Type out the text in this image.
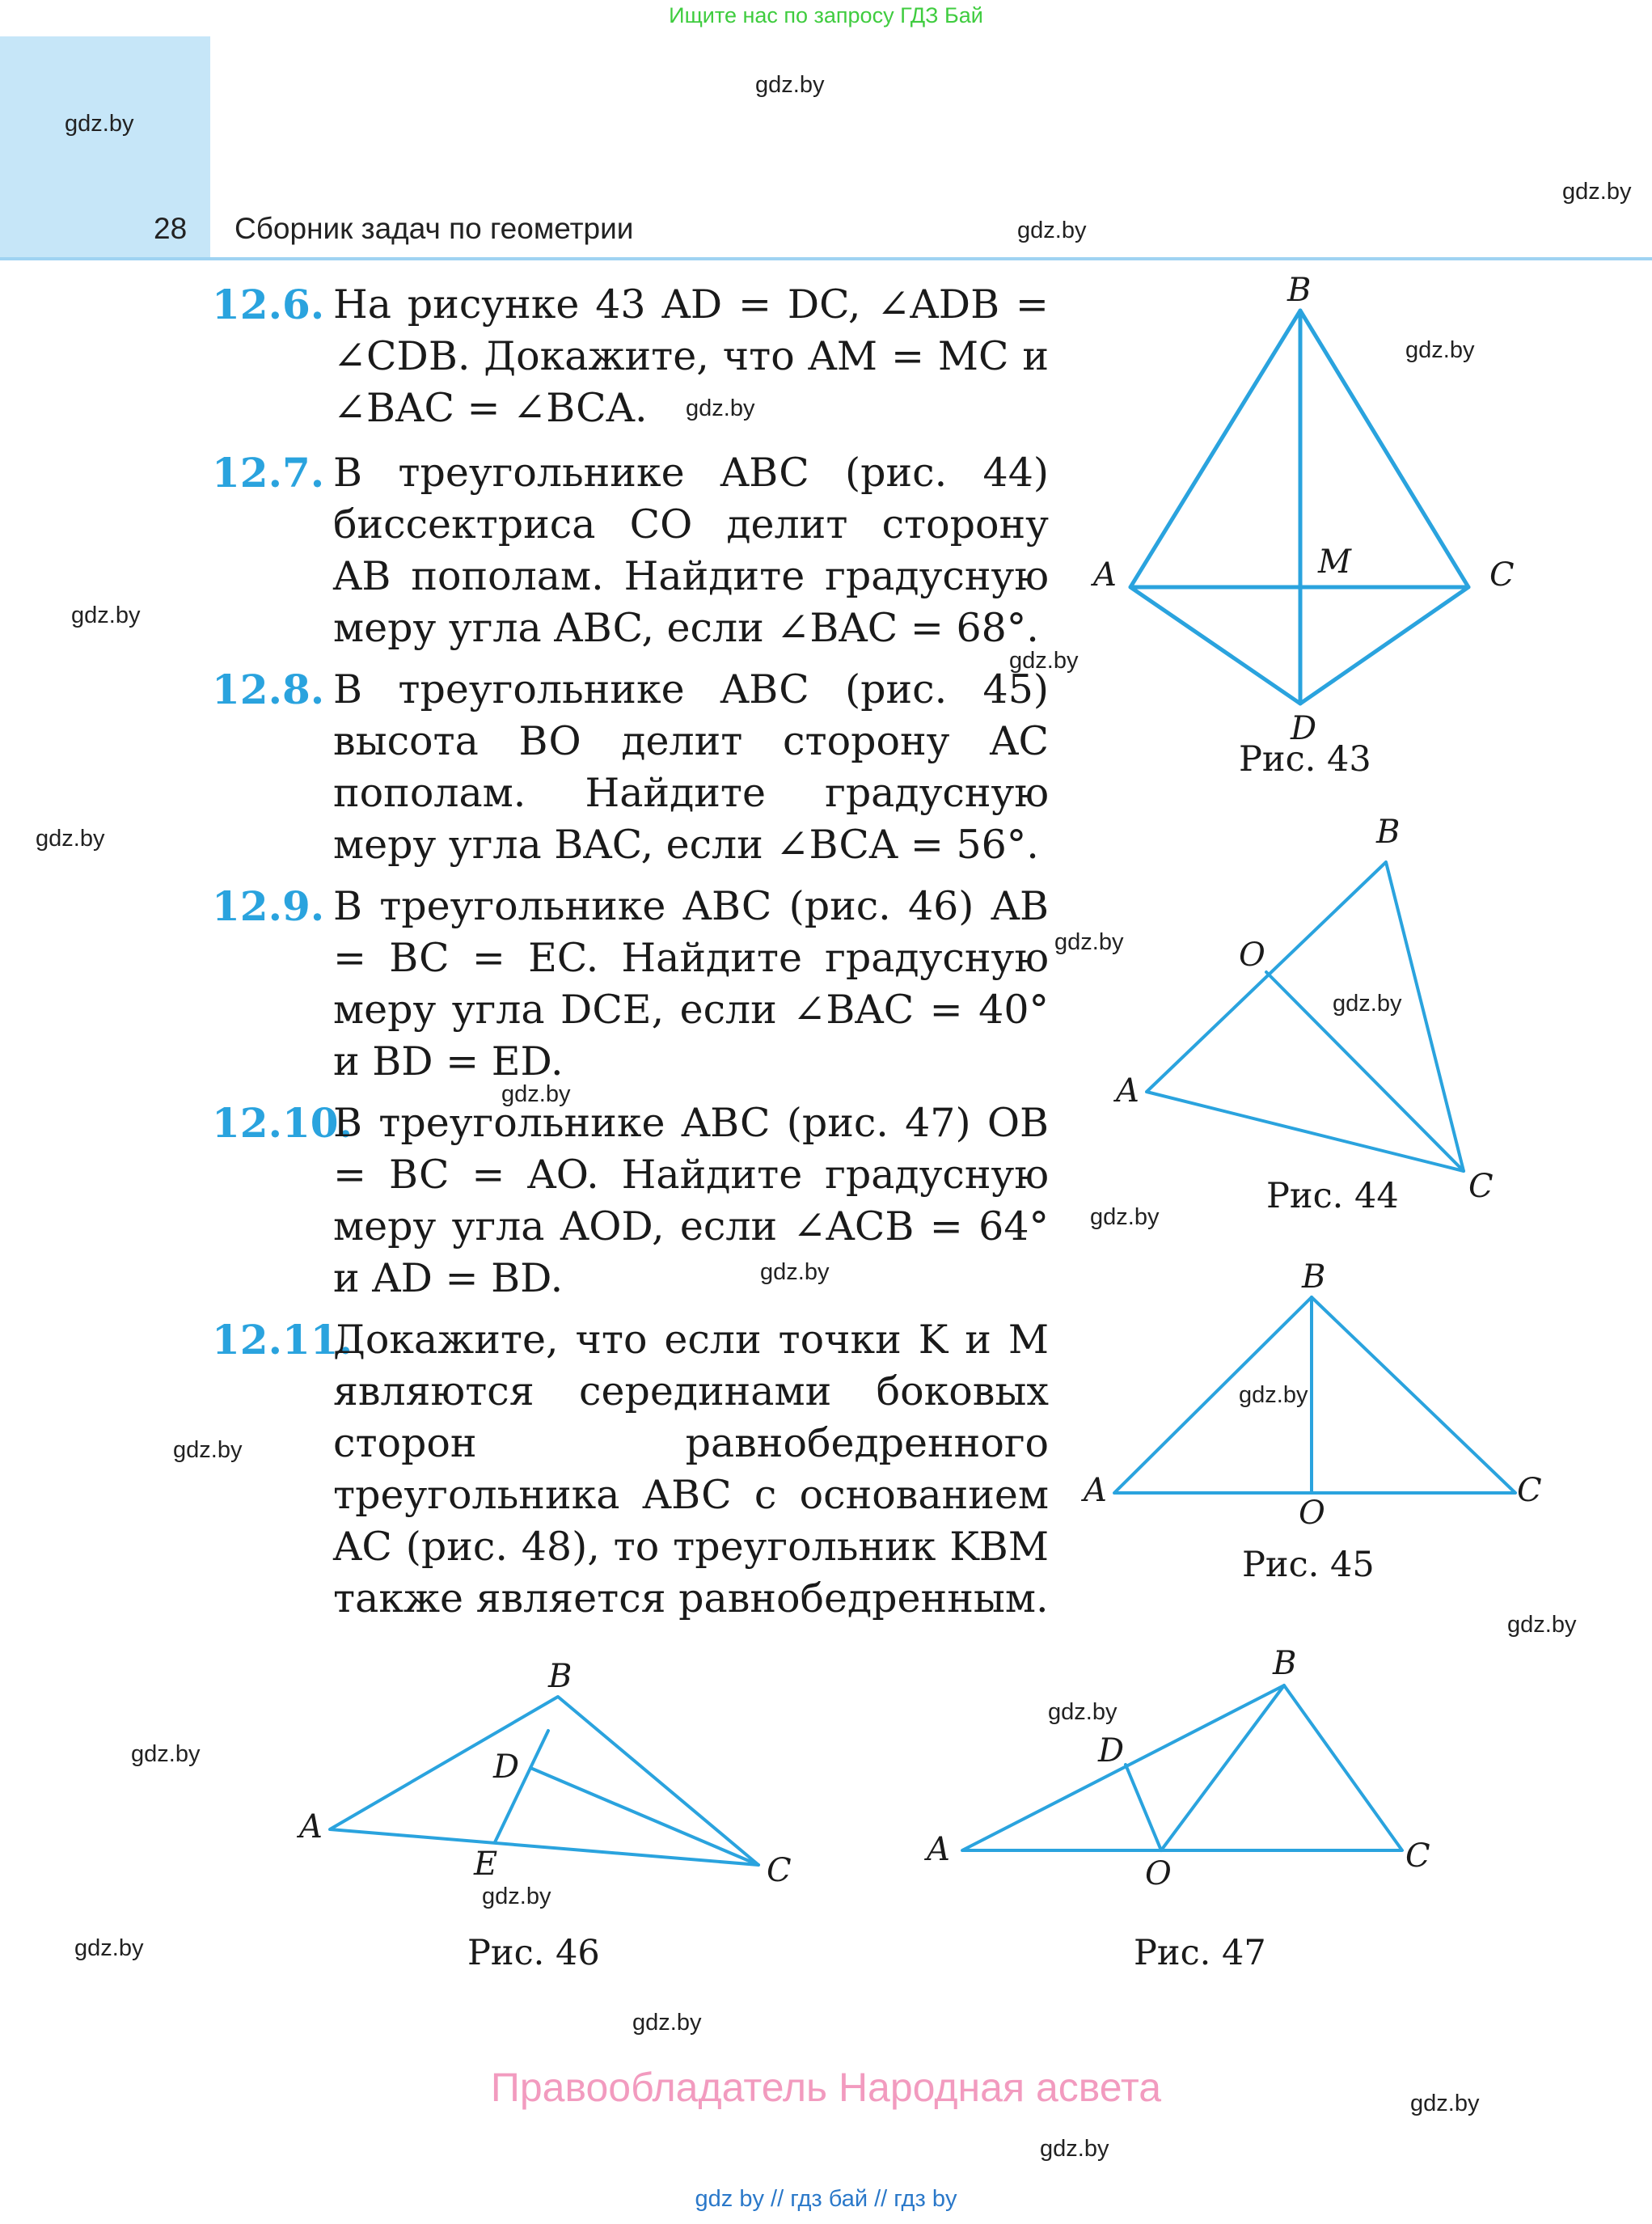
Ищите нас по запросу ГДЗ Бай
28 Сборник задач по геометрии
gdz.by
gdz.by
gdz.by
gdz.by
gdz.by
gdz.by
gdz.by
gdz.by
gdz.by
gdz.by
gdz.by
gdz.by
gdz.by
gdz.by
gdz.by
gdz.by
gdz.by
gdz.by
gdz.by
gdz.by
gdz.by
gdz.by
gdz.by
gdz.by
12.6. На рисунке 43 AD = DC, ∠ADB = ∠CDB. Докажите, что AM = MC и ∠BAC = ∠BCA.
12.7. В треугольнике ABC (рис. 44) биссектриса CO делит сторону AB пополам. Найдите градусную меру угла ABC, если ∠BAC = 68°.
12.8. В треугольнике ABC (рис. 45) высота BO делит сторону AC пополам. Найдите градусную меру угла BAC, если ∠BCA = 56°.
12.9. В треугольнике ABC (рис. 46) AB = BC = EC. Найдите градусную меру угла DCE, если ∠BAC = 40° и BD = ED.
12.10.
В треугольнике ABC (рис. 47) OB = BC = AO. Найдите градусную меру угла AOD, если ∠ACB = 64° и AD = BD.
12.11.
Докажите, что если точки K и M являются серединами боковых сторон равнобедренного треугольника ABC с основанием AC (рис. 48), то треугольник KBM также является равнобедренным.
B
A	M	C
D
Рис. 43
B
O
A
C
Рис. 44
B
A
O
C
Рис. 45
B
D
A
E	C
Рис. 46
B
D
A
O	C
Рис. 47
Правообладатель Народная асвета
gdz by // гдз бай // гдз by
